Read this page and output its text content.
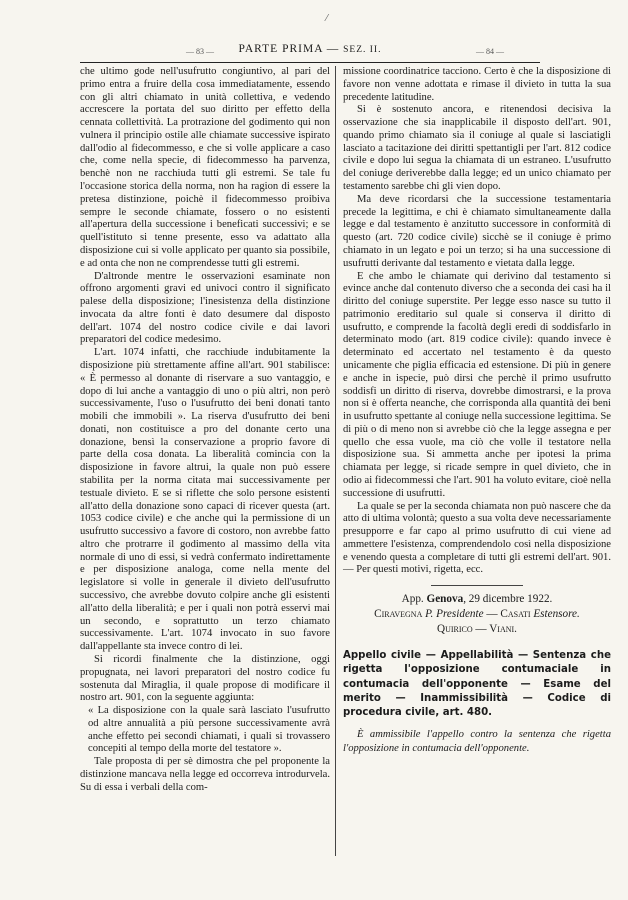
⁄
— 83 —	PARTE PRIMA — SEZ. II.	— 84 —

che ultimo gode nell'usufrutto congiuntivo, al pari del primo entra a fruire della cosa immediatamente, essendo con gli altri chiamato in unità collettiva, e vedendo accrescere la portata del suo diritto per effetto della cennata collettività. La protrazione del godimento qui non vulnera il principio ostile alle chiamate successive ispirato dall'odio al fidecommesso, e che si volle applicare a caso che, come nella specie, di fidecommesso ha parvenza, benchè non ne racchiuda tutti gli estremi. Se tale fu l'occasione storica della norma, non ha ragion di essere la pretesa distinzione, poichè il fidecommesso proibiva sempre le seconde chiamate, fossero o no esistenti all'apertura della successione i beneficati successivi; e se quell'istituto si tenne presente, esso va adattato alla disposizione cui si volle applicato per quanto sia possibile, e ad onta che non ne comprendesse tutti gli estremi.

D'altronde mentre le osservazioni esaminate non offrono argomenti gravi ed univoci contro il significato palese della disposizione; l'inesistenza della distinzione invocata da altre fonti è dato desumere dal disposto dell'art. 1074 del nostro codice civile e dai lavori preparatori del codice medesimo.

L'art. 1074 infatti, che racchiude indubitamente la disposizione più strettamente affine all'art. 901 stabilisce: « È permesso al donante di riservare a suo vantaggio, e dopo di lui anche a vantaggio di uno o più altri, non però successivamente, l'uso o l'usufrutto dei beni donati tanto mobili che immobili ». La riserva d'usufrutto dei beni donati, non costituisce a pro del donante certo una donazione, bensì la conservazione a proprio favore di parte della cosa donata. La liberalità comincia con la disposizione in favore altrui, la quale non può essere stabilita per la norma citata mai successivamente per testuale divieto. E se si riflette che solo persone esistenti all'atto della donazione sono capaci di ricever questa (art. 1053 codice civile) e che anche qui la permissione di un usufrutto successivo a favore di costoro, non avrebbe fatto altro che protrarre il godimento al massimo della vita normale di uno di essi, si vedrà confermato indirettamente e per disposizione analoga, come nella mente del legislatore si volle in generale il divieto dell'usufrutto successivo, che avrebbe dovuto colpire anche gli esistenti all'atto della liberalità; e per i quali non potrà esservi mai un secondo, e soprattutto un terzo chiamato successivamente. L'art. 1074 invocato in suo favore dall'appellante sta invece contro di lei.

Si ricordi finalmente che la distinzione, oggi propugnata, nei lavori preparatori del nostro codice fu sostenuta dal Miraglia, il quale propose di modificare il nostro art. 901, con la seguente aggiunta:

« La disposizione con la quale sarà lasciato l'usufrutto od altre annualità a più persone successivamente avrà anche effetto pei secondi chiamati, i quali si trovassero concepiti al tempo della morte del testatore ».

Tale proposta di per sè dimostra che pel proponente la distinzione mancava nella legge ed occorreva introdurvela. Su di essa i verbali della com-

missione coordinatrice tacciono. Certo è che la disposizione di favore non venne adottata e rimase il divieto in tutta la sua precedente latitudine.

Si è sostenuto ancora, e ritenendosi decisiva la osservazione che sia inapplicabile il disposto dell'art. 901, quando primo chiamato sia il coniuge al quale si lasciatigli lasciato a tacitazione dei diritti spettantigli per l'art. 812 codice civile e dopo lui segua la chiamata di un estraneo. L'usufrutto del coniuge deriverebbe dalla legge; ed un unico chiamato per testamento sarebbe chi gli vien dopo.

Ma deve ricordarsi che la successione testamentaria precede la legittima, e chi è chiamato simultaneamente dalla legge e dal testamento è anzitutto successore in conformità di questo (art. 720 codice civile) sicchè se il coniuge è primo chiamato in un legato e poi un terzo; si ha una successione di usufrutti derivante dal testamento e vietata dalla legge.

E che ambo le chiamate qui derivino dal testamento si evince anche dal contenuto diverso che a seconda dei casi ha il diritto del coniuge superstite. Per legge esso nasce su tutto il patrimonio ereditario sul quale si conserva il diritto di usufrutto, e comprende la facoltà degli eredi di soddisfarlo in determinato modo (art. 819 codice civile): quando invece è determinato ed accertato nel testamento è da questo unicamente che piglia efficacia ed estensione. Di più in genere e anche in ispecie, può dirsi che perchè il primo usufrutto soddisfi un diritto di riserva, dovrebbe dimostrarsi, e la prova non si è offerta neanche, che corrisponda alla quantità dei beni in usufrutto spettante al coniuge nella successione legittima. Se di più o di meno non si avrebbe ciò che la legge assegna e per quello che essa vuole, ma ciò che volle il testatore nella disposizione sua. Si ammetta anche per ipotesi la prima chiamata per legge, si ricade sempre in quel divieto, che in odio ai fidecommessi che l'art. 901 ha voluto evitare, cioè nella successione di usufrutti.

La quale se per la seconda chiamata non può nascere che da atto di ultima volontà; questo a sua volta deve necessariamente presupporre e far capo al primo usufrutto di cui viene ad ammettere l'esistenza, comprendendolo così nella disposizione e venendo questa a completare di tutti gli estremi dell'art. 901. — Per questi motivi, rigetta, ecc.

App. Genova, 29 dicembre 1922.
Ciravegna P. Presidente — Casati Estensore.
Quirico — Viani.
Appello civile — Appellabilità — Sentenza che rigetta l'opposizione contumaciale in contumacia dell'opponente — Esame del merito — Inammissibilità — Codice di procedura civile, art. 480.
È ammissibile l'appello contro la sentenza che rigetta l'opposizione in contumacia dell'opponente.
